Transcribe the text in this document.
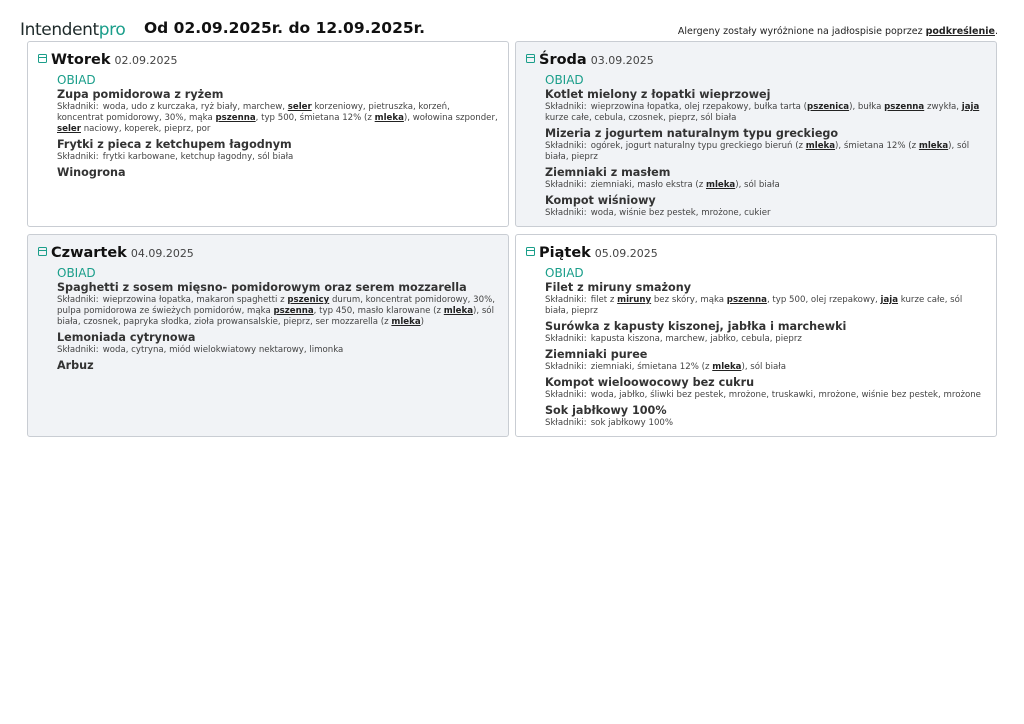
Intendentpro Od 02.09.2025r. do 12.09.2025r.	Alergeny zostały wyróżnione na jadłospisie poprzez podkreślenie.
Wtorek 02.09.2025
OBIAD
Zupa pomidorowa z ryżem
Składniki: woda, udo z kurczaka, ryż biały, marchew, seler korzeniowy, pietruszka, korzeń, koncentrat pomidorowy, 30%, mąka pszenna, typ 500, śmietana 12% (z mleka), wołowina szponder, seler naciowy, koperek, pieprz, por
Frytki z pieca z ketchupem łagodnym
Składniki: frytki karbowane, ketchup łagodny, sól biała
Winogrona
Środa 03.09.2025
OBIAD
Kotlet mielony z łopatki wieprzowej
Składniki: wieprzowina łopatka, olej rzepakowy, bułka tarta (pszenica), bułka pszenna zwykła, jaja kurze całe, cebula, czosnek, pieprz, sól biała
Mizeria z jogurtem naturalnym typu greckiego
Składniki: ogórek, jogurt naturalny typu greckiego bieruń (z mleka), śmietana 12% (z mleka), sól biała, pieprz
Ziemniaki z masłem
Składniki: ziemniaki, masło ekstra (z mleka), sól biała
Kompot wiśniowy
Składniki: woda, wiśnie bez pestek, mrożone, cukier
Czwartek 04.09.2025
OBIAD
Spaghetti z sosem mięsno- pomidorowym oraz serem mozzarella
Składniki: wieprzowina łopatka, makaron spaghetti z pszenicy durum, koncentrat pomidorowy, 30%, pulpa pomidorowa ze świeżych pomidorów, mąka pszenna, typ 450, masło klarowane (z mleka), sól biała, czosnek, papryka słodka, zioła prowansalskie, pieprz, ser mozzarella (z mleka)
Lemoniada cytrynowa
Składniki: woda, cytryna, miód wielokwiatowy nektarowy, limonka
Arbuz
Piątek 05.09.2025
OBIAD
Filet z miruny smażony
Składniki: filet z miruny bez skóry, mąka pszenna, typ 500, olej rzepakowy, jaja kurze całe, sól biała, pieprz
Surówka z kapusty kiszonej, jabłka i marchewki
Składniki: kapusta kiszona, marchew, jabłko, cebula, pieprz
Ziemniaki puree
Składniki: ziemniaki, śmietana 12% (z mleka), sól biała
Kompot wieloowocowy bez cukru
Składniki: woda, jabłko, śliwki bez pestek, mrożone, truskawki, mrożone, wiśnie bez pestek, mrożone
Sok jabłkowy 100%
Składniki: sok jabłkowy 100%
